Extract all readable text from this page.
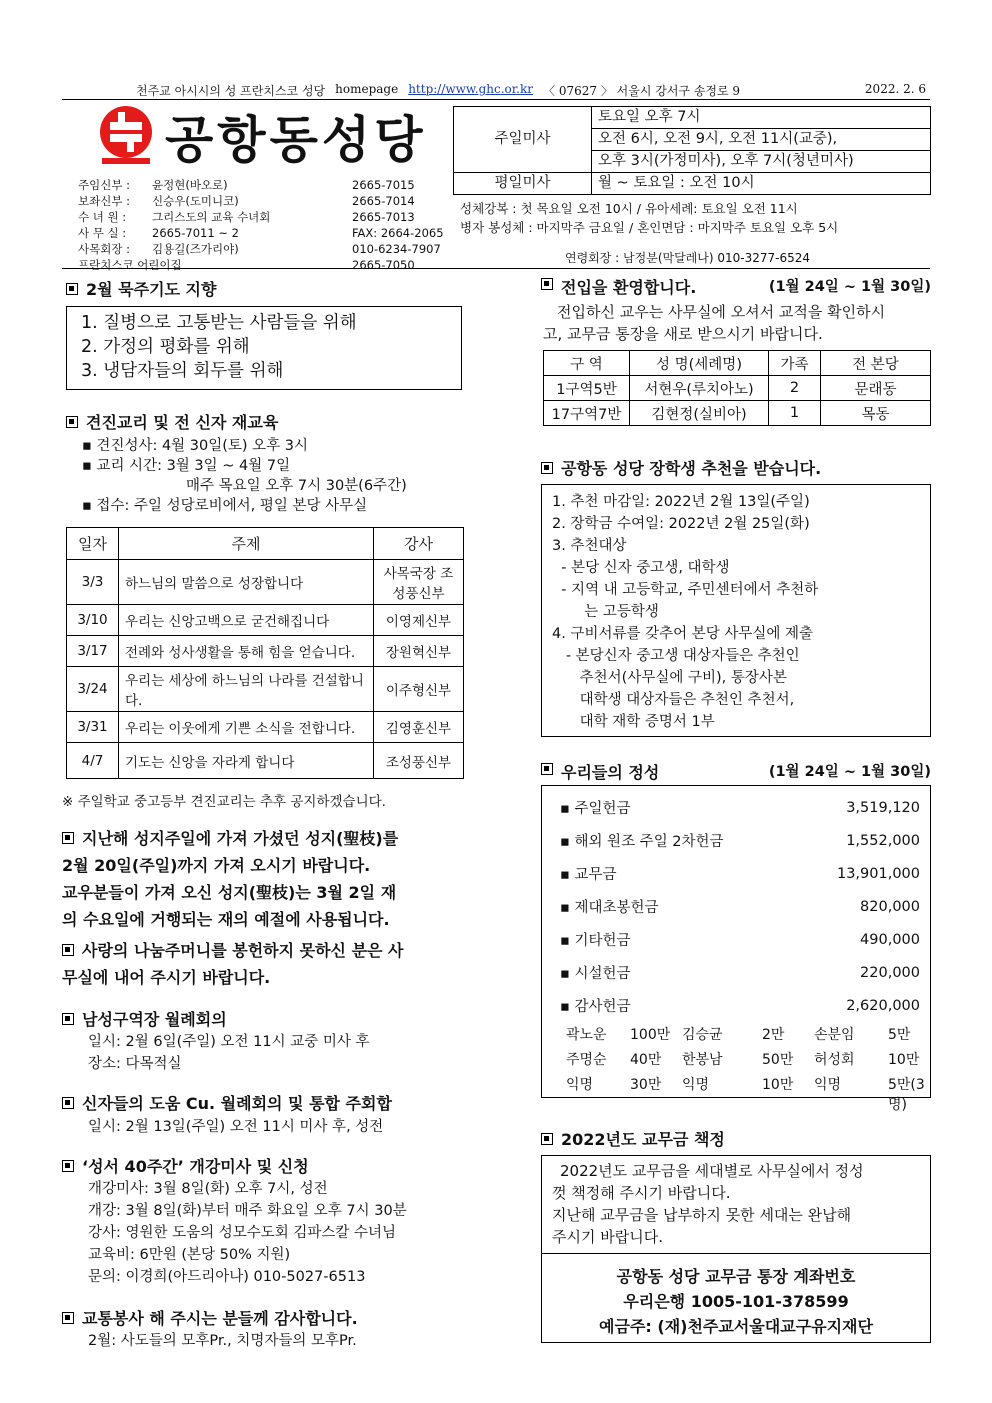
천주교 아시시의 성 프란치스코 성당 homepage http://www.ghc.or.kr 〈 07627 〉 서울시 강서구 송정로 9	2022. 2. 6
공항동성당
주임신부 :	윤정현(바오로)	2665-7015
보좌신부 :	신승우(도미니코)	2665-7014
수 녀 원 :	그리스도의 교육 수녀회	2665-7013
사 무 실 :	2665-7011 ~ 2	FAX: 2664-2065
사목회장 :	김용길(즈가리야)	010-6234-7907
프란치스코 어린이집	2665-7050
주일미사	토요일 오후 7시
	오전 6시, 오전 9시, 오전 11시(교중),
	오후 3시(가정미사), 오후 7시(청년미사)
평일미사	월 ~ 토요일 : 오전 10시
성체강복 : 첫 목요일 오전 10시 / 유아세례: 토요일 오전 11시
병자 봉성체 : 마지막주 금요일 / 혼인면담 : 마지막주 토요일 오후 5시
연령회장 : 남정분(막달레나) 010-3277-6524
2월 묵주기도 지향
1. 질병으로 고통받는 사람들을 위해
2. 가정의 평화를 위해
3. 냉담자들의 회두를 위해
견진교리 및 전 신자 재교육
▪ 견진성사: 4월 30일(토) 오후 3시
▪ 교리 시간: 3월 3일 ~ 4월 7일
매주 목요일 오후 7시 30분(6주간)
▪ 접수: 주일 성당로비에서, 평일 본당 사무실
일자	주제	강사
3/3	하느님의 말씀으로 성장합니다	사목국장 조성풍신부
3/10	우리는 신앙고백으로 굳건해집니다	이영제신부
3/17	전례와 성사생활을 통해 힘을 얻습니다.	장원혁신부
3/24	우리는 세상에 하느님의 나라를 건설합니다.	이주형신부
3/31	우리는 이웃에게 기쁜 소식을 전합니다.	김영훈신부
4/7	기도는 신앙을 자라게 합니다	조성풍신부
※ 주일학교 중고등부 견진교리는 추후 공지하겠습니다.
지난해 성지주일에 가져 가셨던 성지(聖枝)를
2월 20일(주일)까지 가져 오시기 바랍니다.
교우분들이 가져 오신 성지(聖枝)는 3월 2일 재
의 수요일에 거행되는 재의 예절에 사용됩니다.
사랑의 나눔주머니를 봉헌하지 못하신 분은 사
무실에 내어 주시기 바랍니다.
남성구역장 월례회의
일시: 2월 6일(주일) 오전 11시 교중 미사 후
장소: 다목적실
신자들의 도움 Cu. 월례회의 및 통합 주회합
일시: 2월 13일(주일) 오전 11시 미사 후, 성전
‘성서 40주간’ 개강미사 및 신청
개강미사: 3월 8일(화) 오후 7시, 성전
개강: 3월 8일(화)부터 매주 화요일 오후 7시 30분
강사: 영원한 도움의 성모수도회 김파스칼 수녀님
교육비: 6만원 (본당 50% 지원)
문의: 이경희(아드리아나) 010-5027-6513
교통봉사 해 주시는 분들께 감사합니다.
2월: 사도들의 모후Pr., 치명자들의 모후Pr.
전입을 환영합니다.	(1월 24일 ~ 1월 30일)
전입하신 교우는 사무실에 오셔서 교적을 확인하시
고, 교무금 통장을 새로 받으시기 바랍니다.
구 역	성 명(세례명)	가족	전 본당
1구역5반	서현우(루치아노)	2	문래동
17구역7반	김현정(실비아)	1	목동
공항동 성당 장학생 추천을 받습니다.
1. 추천 마감일: 2022년 2월 13일(주일)
2. 장학금 수여일: 2022년 2월 25일(화)
3. 추천대상
- 본당 신자 중고생, 대학생
- 지역 내 고등학교, 주민센터에서 추천하
는 고등학생
4. 구비서류를 갖추어 본당 사무실에 제출
- 본당신자 중고생 대상자들은 추천인
추천서(사무실에 구비), 통장사본
대학생 대상자들은 추천인 추천서,
대학 재학 증명서 1부
우리들의 정성	(1월 24일 ~ 1월 30일)
▪ 주일헌금	3,519,120
▪ 해외 원조 주일 2차헌금	1,552,000
▪ 교무금	13,901,000
▪ 제대초봉헌금	820,000
▪ 기타헌금	490,000
▪ 시설헌금	220,000
▪ 감사헌금	2,620,000
곽노운	100만 김승균	2만	손분임	5만
주명순	40만	한봉남	50만	허성회	10만
익명	30만	익명	10만	익명	5만(3명)
2022년도 교무금 책정
2022년도 교무금을 세대별로 사무실에서 정성
껏 책정해 주시기 바랍니다.
지난해 교무금을 납부하지 못한 세대는 완납해
주시기 바랍니다.
공항동 성당 교무금 통장 계좌번호
우리은행 1005-101-378599
예금주: (재)천주교서울대교구유지재단
